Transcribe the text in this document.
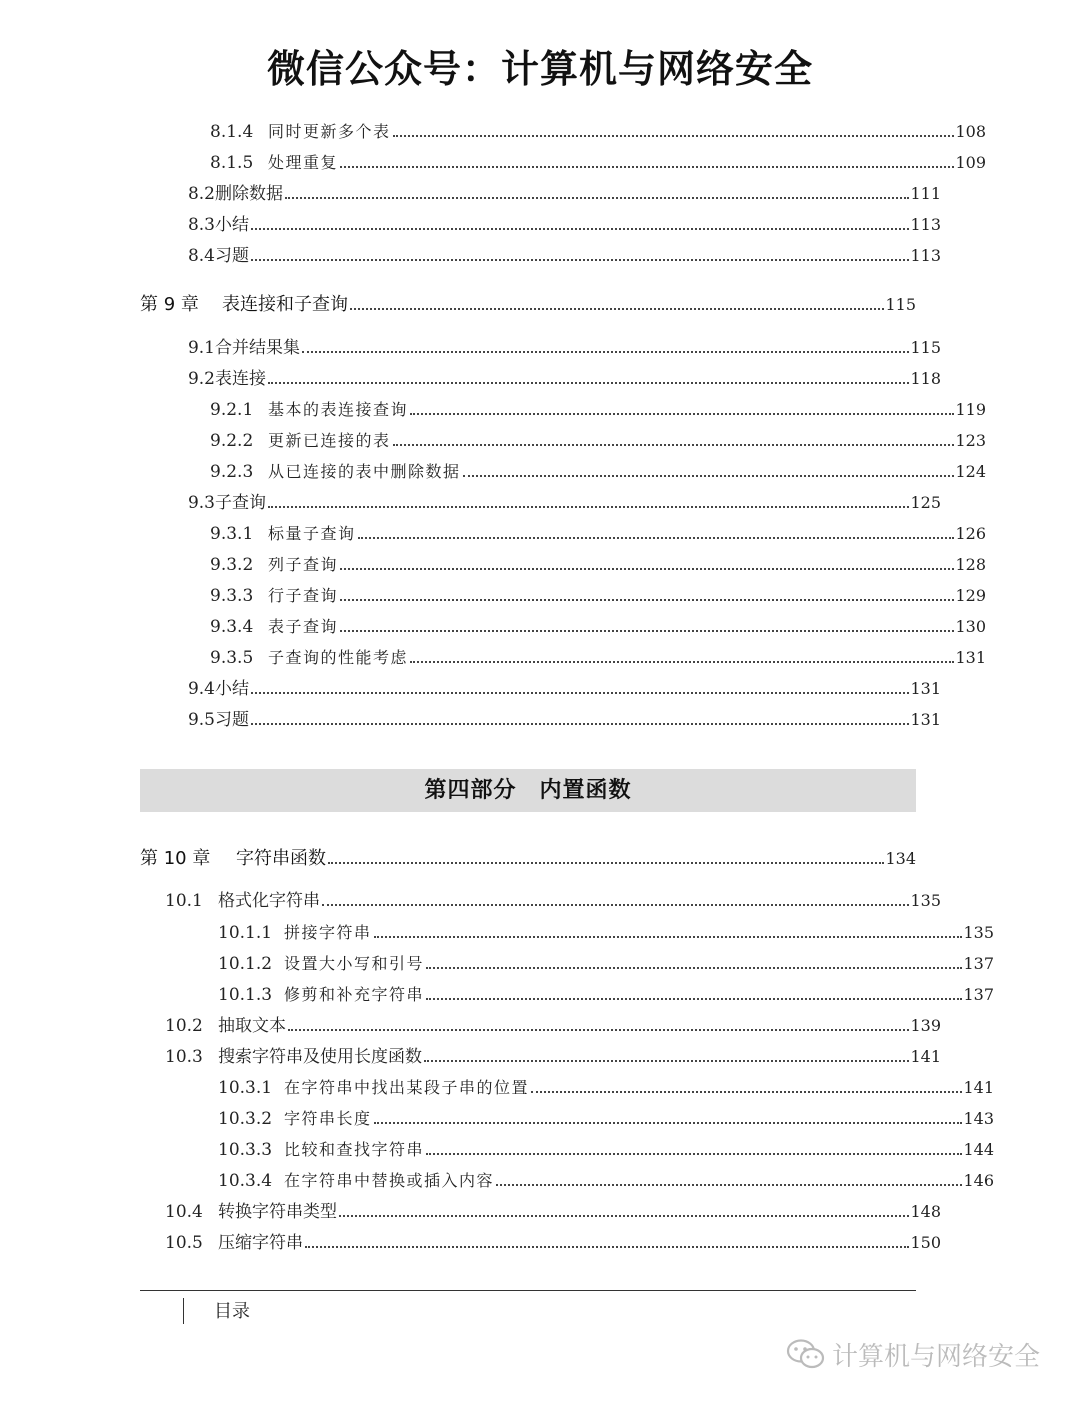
微信公众号：计算机与网络安全
8.1.4 同时更新多个表	108
8.1.5 处理重复	109
8.2 删除数据	111
8.3 小结	113
8.4 习题	113
第 9 章	表连接和子查询	115
9.1 合并结果集	115
9.2 表连接	118
9.2.1 基本的表连接查询	119
9.2.2 更新已连接的表	123
9.2.3 从已连接的表中删除数据	124
9.3 子查询	125
9.3.1 标量子查询	126
9.3.2 列子查询	128
9.3.3 行子查询	129
9.3.4 表子查询	130
9.3.5 子查询的性能考虑	131
9.4 小结	131
9.5 习题	131
第 10 章	字符串函数	134
10.1 格式化字符串	135
10.1.1 拼接字符串	135
10.1.2 设置大小写和引号	137
10.1.3 修剪和补充字符串	137
10.2 抽取文本	139
10.3 搜索字符串及使用长度函数	141
10.3.1 在字符串中找出某段子串的位置	141
10.3.2 字符串长度	143
10.3.3 比较和查找字符串	144
10.3.4 在字符串中替换或插入内容	146
10.4 转换字符串类型	148
10.5 压缩字符串	150
第四部分　内置函数
目录
计算机与网络安全
